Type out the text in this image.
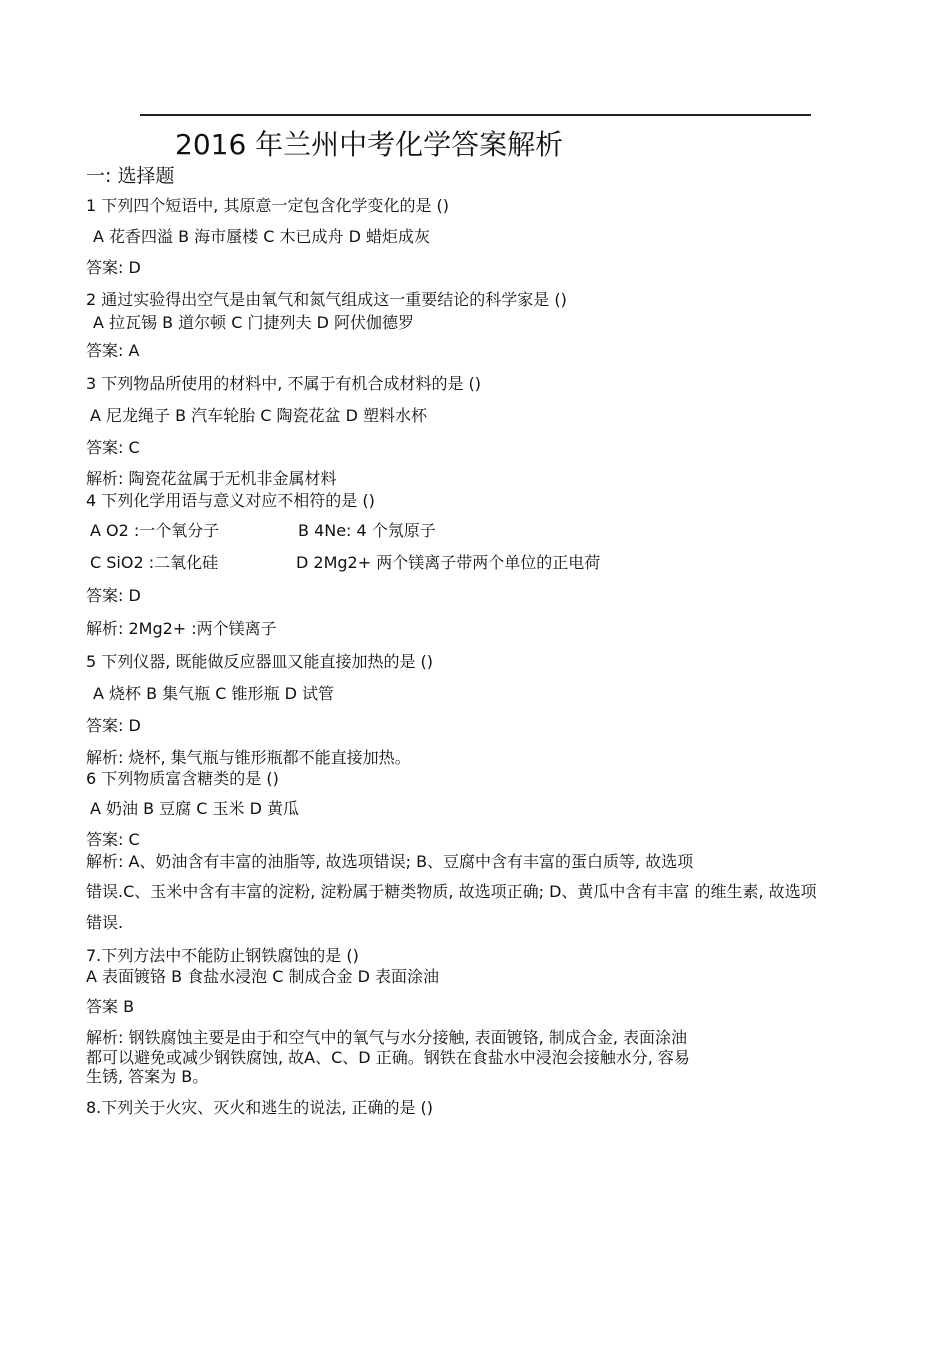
2016 年兰州中考化学答案解析
一: 选择题
1 下列四个短语中, 其原意一定包含化学变化的是 ()
A 花香四溢 B 海市蜃楼 C 木已成舟 D 蜡炬成灰
答案: D
2 通过实验得出空气是由氧气和氮气组成这一重要结论的科学家是 ()
A 拉瓦锡 B 道尔顿 C 门捷列夫 D 阿伏伽德罗
答案: A
3 下列物品所使用的材料中, 不属于有机合成材料的是 ()
A 尼龙绳子 B 汽车轮胎 C 陶瓷花盆 D 塑料水杯
答案: C
解析: 陶瓷花盆属于无机非金属材料
4 下列化学用语与意义对应不相符的是 ()
A O2 :一个氧分子	B 4Ne: 4 个氖原子
C SiO2 :二氧化硅	D 2Mg2+ 两个镁离子带两个单位的正电荷
答案: D
解析: 2Mg2+ :两个镁离子
5 下列仪器, 既能做反应器皿又能直接加热的是 ()
A 烧杯 B 集气瓶 C 锥形瓶 D 试管
答案: D
解析: 烧杯, 集气瓶与锥形瓶都不能直接加热。
6 下列物质富含糖类的是 ()
A 奶油 B 豆腐 C 玉米 D 黄瓜
答案: C
解析: A、奶油含有丰富的油脂等, 故选项错误; B、豆腐中含有丰富的蛋白质等, 故选项
错误.C、玉米中含有丰富的淀粉, 淀粉属于糖类物质, 故选项正确; D、黄瓜中含有丰富 的维生素, 故选项
错误.
7.下列方法中不能防止钢铁腐蚀的是 ()
A 表面镀铬 B 食盐水浸泡 C 制成合金 D 表面涂油
答案 B
解析: 钢铁腐蚀主要是由于和空气中的氧气与水分接触, 表面镀铬, 制成合金, 表面涂油
都可以避免或减少钢铁腐蚀, 故A、C、D 正确。钢铁在食盐水中浸泡会接触水分, 容易
生锈, 答案为 B。
8.下列关于火灾、灭火和逃生的说法, 正确的是 ()
